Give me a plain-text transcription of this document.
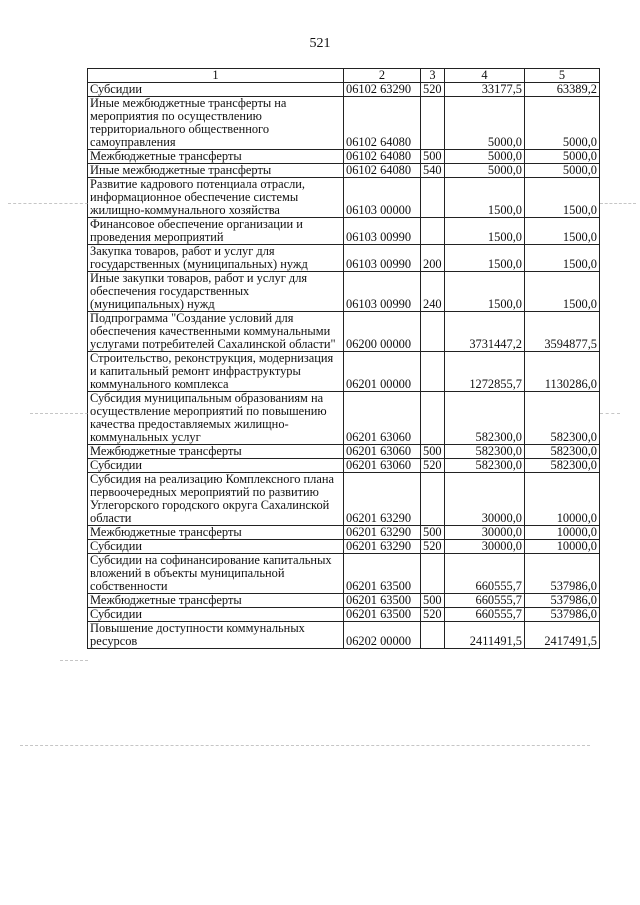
521
1	2	3	4	5
Субсидии	06102 63290	520	33177,5	63389,2
Иные межбюджетные трансферты на мероприятия по осуществлению территориального общественного самоуправления	06102 64080		5000,0	5000,0
Межбюджетные трансферты	06102 64080	500	5000,0	5000,0
Иные межбюджетные трансферты	06102 64080	540	5000,0	5000,0
Развитие кадрового потенциала отрасли, информационное обеспечение системы жилищно-коммунального хозяйства	06103 00000		1500,0	1500,0
Финансовое обеспечение организации и проведения мероприятий	06103 00990		1500,0	1500,0
Закупка товаров, работ и услуг для государственных (муниципальных) нужд	06103 00990	200	1500,0	1500,0
Иные закупки товаров, работ и услуг для обеспечения государственных (муниципальных) нужд	06103 00990	240	1500,0	1500,0
Подпрограмма "Создание условий для обеспечения качественными коммунальными услугами потребителей Сахалинской области"	06200 00000		3731447,2	3594877,5
Строительство, реконструкция, модернизация и капитальный ремонт инфраструктуры коммунального комплекса	06201 00000		1272855,7	1130286,0
Субсидия муниципальным образованиям на осуществление мероприятий по повышению качества предоставляемых жилищно-коммунальных услуг	06201 63060		582300,0	582300,0
Межбюджетные трансферты	06201 63060	500	582300,0	582300,0
Субсидии	06201 63060	520	582300,0	582300,0
Субсидия на реализацию Комплексного плана первоочередных мероприятий по развитию Углегорского городского округа Сахалинской области	06201 63290		30000,0	10000,0
Межбюджетные трансферты	06201 63290	500	30000,0	10000,0
Субсидии	06201 63290	520	30000,0	10000,0
Субсидии на софинансирование капитальных вложений в объекты муниципальной собственности	06201 63500		660555,7	537986,0
Межбюджетные трансферты	06201 63500	500	660555,7	537986,0
Субсидии	06201 63500	520	660555,7	537986,0
Повышение доступности коммунальных ресурсов	06202 00000		2411491,5	2417491,5
